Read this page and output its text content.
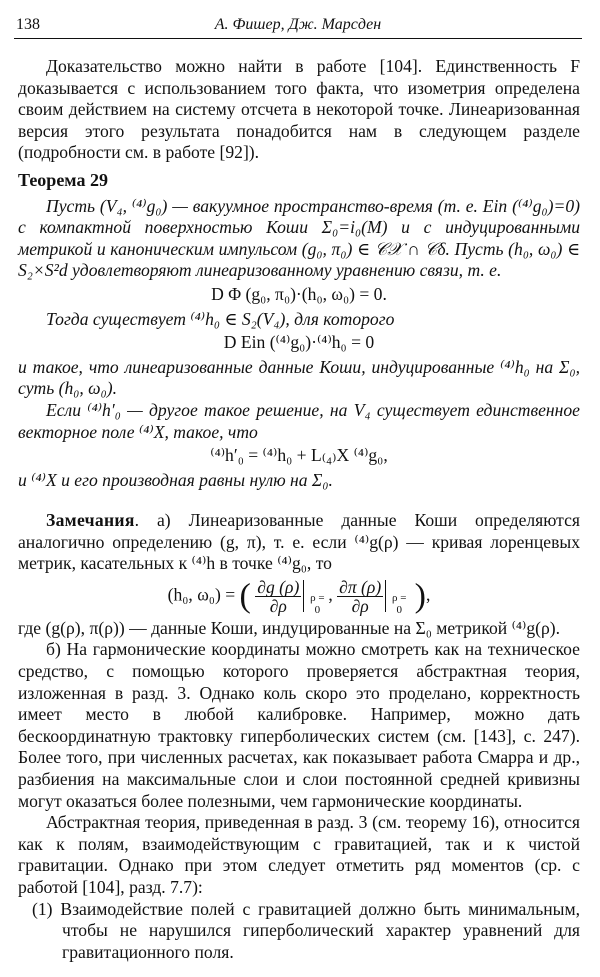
138	А. Фишер, Дж. Марсден

Доказательство можно найти в работе [104]. Единственность F доказывается с использованием того факта, что изометрия определена своим действием на систему отсчета в некоторой точке. Линеаризованная версия этого результата понадобится нам в следующем разделе (подробности см. в работе [92]).

Теорема 29

Пусть (V₄, ⁽⁴⁾g₀) — вакуумное пространство-время (т. е. Ein (⁽⁴⁾g₀)=0) с компактной поверхностью Коши Σ₀=i₀(M) и с индуцированными метрикой и каноническим импульсом (g₀, π₀) ∈ 𝒞𝒳 ∩ 𝒞δ. Пусть (h₀, ω₀) ∈ S₂×S²d удовлетворяют линеаризованному уравнению связи, т. е.

D Φ (g₀, π₀)·(h₀, ω₀) = 0.

Тогда существует ⁽⁴⁾h₀ ∈ S₂(V₄), для которого

D Ein (⁽⁴⁾g₀)·⁽⁴⁾h₀ = 0

и такое, что линеаризованные данные Коши, индуцированные ⁽⁴⁾h₀ на Σ₀, суть (h₀, ω₀).

Если ⁽⁴⁾h′₀ — другое такое решение, на V₄ существует единственное векторное поле ⁽⁴⁾X, такое, что

⁽⁴⁾h′₀ = ⁽⁴⁾h₀ + L₍₄₎X ⁽⁴⁾g₀,

и ⁽⁴⁾X и его производная равны нулю на Σ₀.

Замечания. а) Линеаризованные данные Коши определяются аналогично определению (g, π), т. е. если ⁽⁴⁾g(ρ) — кривая лоренцевых метрик, касательных к ⁽⁴⁾h в точке ⁽⁴⁾g₀, то

(h₀, ω₀) = ( $\frac{\partial g (\rho)}{\partial\rho}$ ρ = 0
, $\frac{\partial\pi (\rho)}{\partial\rho}$ ρ = 0 ),

где (g(ρ), π(ρ)) — данные Коши, индуцированные на Σ₀ метрикой ⁽⁴⁾g(ρ).

б) На гармонические координаты можно смотреть как на техническое средство, с помощью которого проверяется абстрактная теория, изложенная в разд. 3. Однако коль скоро это проделано, корректность имеет место в любой калибровке. Например, можно дать бескоординатную трактовку гиперболических систем (см. [143], с. 247). Более того, при численных расчетах, как показывает работа Смарра и др., разбиения на максимальные слои и слои постоянной средней кривизны могут оказаться более полезными, чем гармонические координаты.

Абстрактная теория, приведенная в разд. 3 (см. теорему 16), относится как к полям, взаимодействующим с гравитацией, так и к чистой гравитации. Однако при этом следует отметить ряд моментов (ср. с работой [104], разд. 7.7):

(1) Взаимодействие полей с гравитацией должно быть минимальным, чтобы не нарушился гиперболический характер уравнений для гравитационного поля.
